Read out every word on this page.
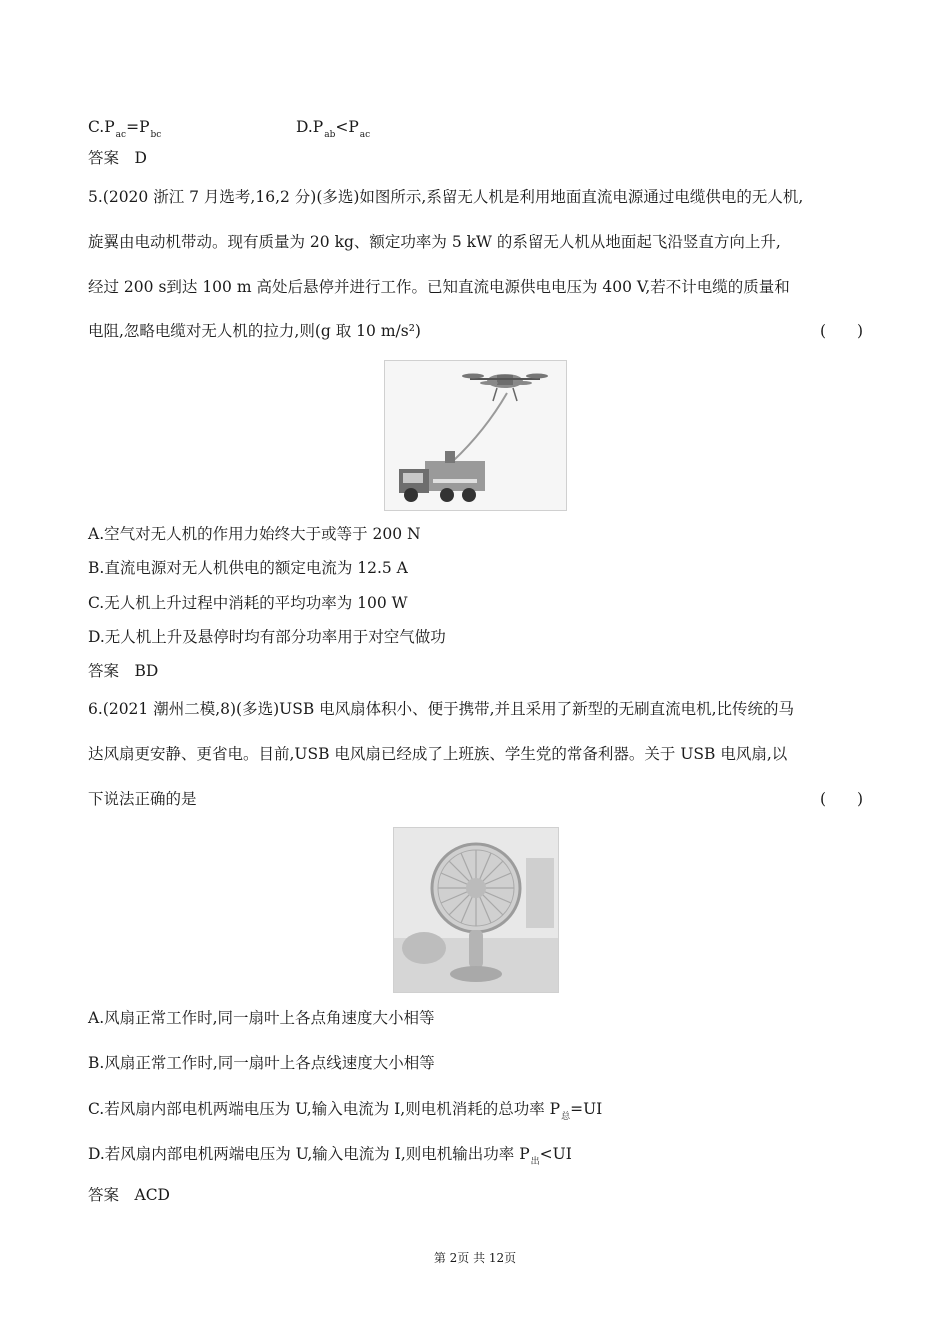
$C.P_{ac}=P_{bc}$	$D.P_{ab}<P_{ac}$
答案　D
5.(2020 浙江 7 月选考,16,2 分)(多选)如图所示,系留无人机是利用地面直流电源通过电缆供电的无人机,
旋翼由电动机带动。现有质量为 20 kg、额定功率为 5 kW 的系留无人机从地面起飞沿竖直方向上升,
经过 200 s到达 100 m 高处后悬停并进行工作。已知直流电源供电电压为 400 V,若不计电缆的质量和
电阻,忽略电缆对无人机的拉力,则(g 取 10 m/s²)	(　　)
A.空气对无人机的作用力始终大于或等于 200 N
B.直流电源对无人机供电的额定电流为 12.5 A
C.无人机上升过程中消耗的平均功率为 100 W
D.无人机上升及悬停时均有部分功率用于对空气做功
答案　BD
6.(2021 潮州二模,8)(多选)USB 电风扇体积小、便于携带,并且采用了新型的无刷直流电机,比传统的马
达风扇更安静、更省电。目前,USB 电风扇已经成了上班族、学生党的常备利器。关于 USB 电风扇,以
下说法正确的是	(　　)
A.风扇正常工作时,同一扇叶上各点角速度大小相等
B.风扇正常工作时,同一扇叶上各点线速度大小相等
C.若风扇内部电机两端电压为 U,输入电流为 I,则电机消耗的总功率 $P_总=UI$
D.若风扇内部电机两端电压为 U,输入电流为 I,则电机输出功率 $P_出<UI$
答案　ACD
第 2页 共 12页
